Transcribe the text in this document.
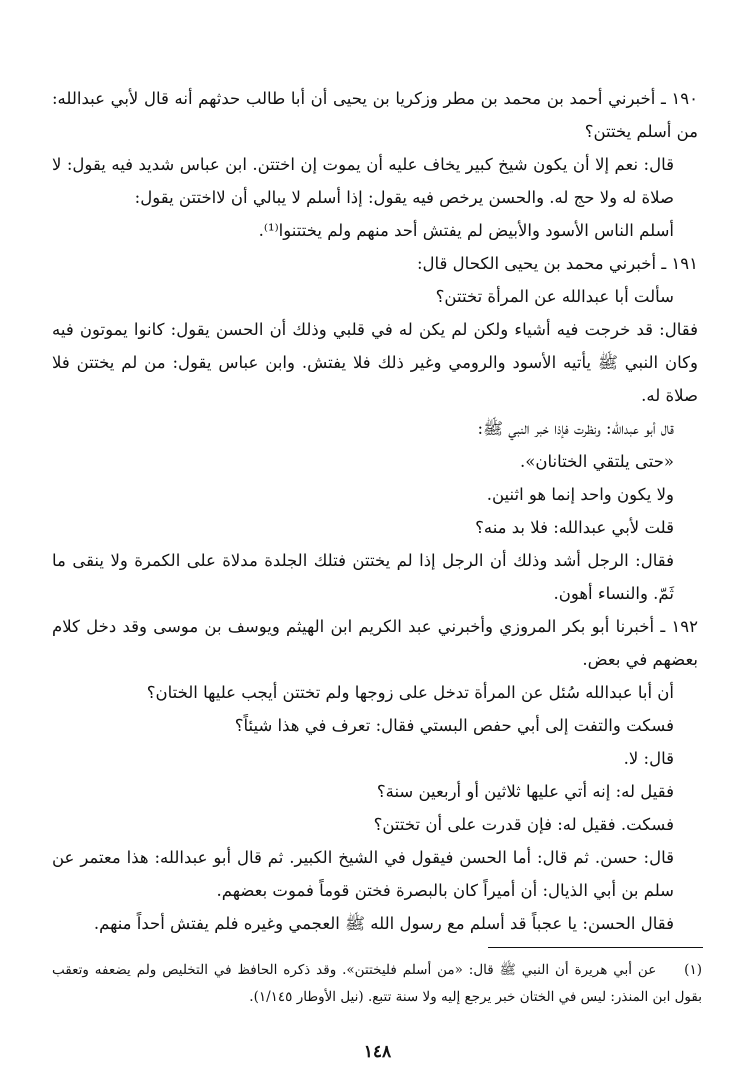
١٩٠ ـ أخبرني أحمد بن محمد بن مطر وزكريا بن يحيى أن أبا طالب حدثهم أنه قال لأبي عبدالله: من أسلم يختتن؟

قال: نعم إلا أن يكون شيخ كبير يخاف عليه أن يموت إن اختتن. ابن عباس شديد فيه يقول: لا صلاة له ولا حج له. والحسن يرخص فيه يقول: إذا أسلم لا يبالي أن لااختتن يقول:

أسلم الناس الأسود والأبيض لم يفتش أحد منهم ولم يختتنوا⁽¹⁾.

١٩١ ـ أخبرني محمد بن يحيى الكحال قال:

سألت أبا عبدالله عن المرأة تختتن؟

فقال: قد خرجت فيه أشياء ولكن لم يكن له في قلبي وذلك أن الحسن يقول: كانوا يموتون فيه وكان النبي ﷺ يأتيه الأسود والرومي وغير ذلك فلا يفتش. وابن عباس يقول: من لم يختتن فلا صلاة له.

قال أبو عبدالله: ونظرت فإذا خبر النبي ﷺ:

«حتى يلتقي الختانان».

ولا يكون واحد إنما هو اثنين.

قلت لأبي عبدالله: فلا بد منه؟

فقال: الرجل أشد وذلك أن الرجل إذا لم يختتن فتلك الجلدة مدلاة على الكمرة ولا ينقى ما ثَمّ. والنساء أهون.

١٩٢ ـ أخبرنا أبو بكر المروزي وأخبرني عبد الكريم ابن الهيثم ويوسف بن موسى وقد دخل كلام بعضهم في بعض.

أن أبا عبدالله سُئل عن المرأة تدخل على زوجها ولم تختتن أيجب عليها الختان؟

فسكت والتفت إلى أبي حفص البستي فقال: تعرف في هذا شيئاً؟

قال: لا.

فقيل له: إنه أتي عليها ثلاثين أو أربعين سنة؟

فسكت. فقيل له: فإن قدرت على أن تختتن؟

قال: حسن. ثم قال: أما الحسن فيقول في الشيخ الكبير. ثم قال أبو عبدالله: هذا معتمر عن سلم بن أبي الذيال: أن أميراً كان بالبصرة فختن قوماً فموت بعضهم.

فقال الحسن: يا عجباً قد أسلم مع رسول الله ﷺ العجمي وغيره فلم يفتش أحداً منهم.

(١) عن أبي هريرة أن النبي ﷺ قال: «من أسلم فليختتن». وقد ذكره الحافظ في التخليص ولم يضعفه وتعقب بقول ابن المنذر: ليس في الختان خبر يرجع إليه ولا سنة تتبع. (نيل الأوطار ١/١٤٥).
١٤٨
